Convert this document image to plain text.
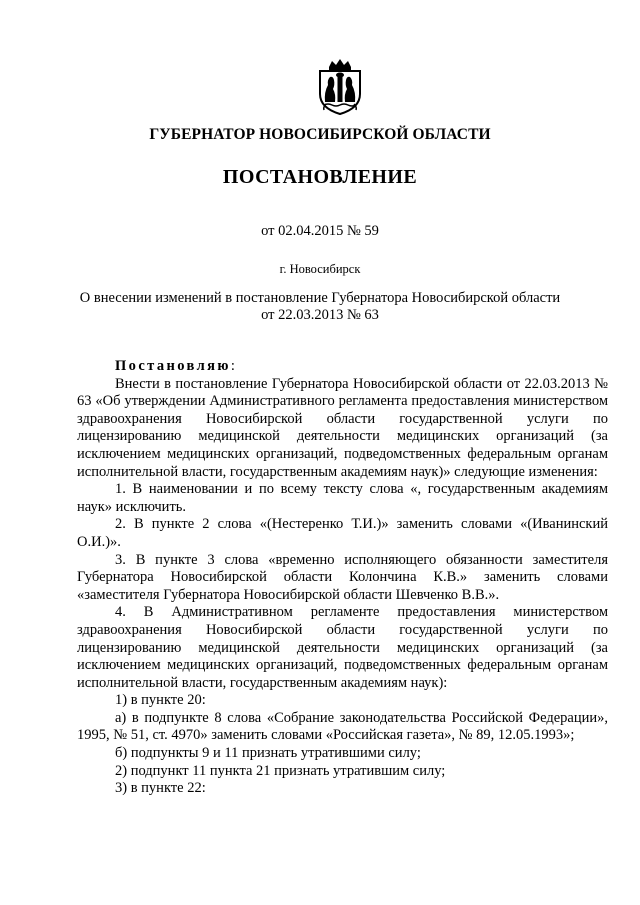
ГУБЕРНАТОР НОВОСИБИРСКОЙ ОБЛАСТИ
ПОСТАНОВЛЕНИЕ
от 02.04.2015 № 59
г. Новосибирск
О внесении изменений в постановление Губернатора Новосибирской области
от 22.03.2013 № 63

Постановляю:

Внести в постановление Губернатора Новосибирской области от 22.03.2013 № 63 «Об утверждении Административного регламента предоставления министерством здравоохранения Новосибирской области государственной услуги по лицензированию медицинской деятельности медицинских организаций (за исключением медицинских организаций, подведомственных федеральным органам исполнительной власти, государственным академиям наук)» следующие изменения:

1. В наименовании и по всему тексту слова «, государственным академиям наук» исключить.

2. В пункте 2 слова «(Нестеренко Т.И.)» заменить словами «(Иванинский О.И.)».

3. В пункте 3 слова «временно исполняющего обязанности заместителя Губернатора Новосибирской области Колончина К.В.» заменить словами «заместителя Губернатора Новосибирской области Шевченко В.В.».

4. В Административном регламенте предоставления министерством здравоохранения Новосибирской области государственной услуги по лицензированию медицинской деятельности медицинских организаций (за исключением медицинских организаций, подведомственных федеральным органам исполнительной власти, государственным академиям наук):

1) в пункте 20:

а) в подпункте 8 слова «Собрание законодательства Российской Федерации», 1995, № 51, ст. 4970» заменить словами «Российская газета», № 89, 12.05.1993»;

б) подпункты 9 и 11 признать утратившими силу;

2) подпункт 11 пункта 21 признать утратившим силу;

3) в пункте 22:
